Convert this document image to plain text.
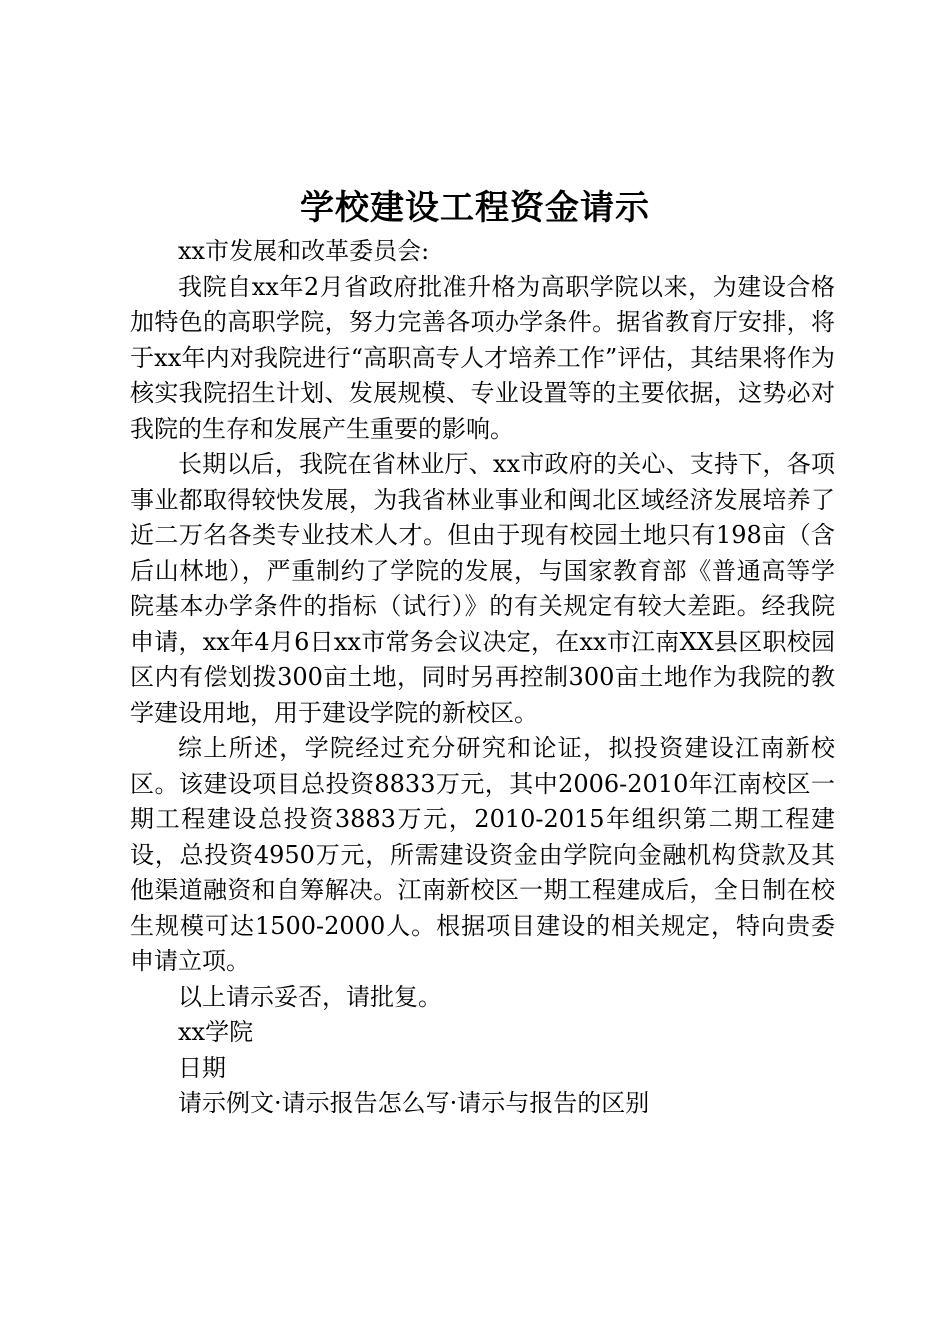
学校建设工程资金请示

xx市发展和改革委员会:

我院自xx年2月省政府批准升格为高职学院以来，为建设合格加特色的高职学院，努力完善各项办学条件。据省教育厅安排，将于xx年内对我院进行“高职高专人才培养工作”评估，其结果将作为核实我院招生计划、发展规模、专业设置等的主要依据，这势必对我院的生存和发展产生重要的影响。

长期以后，我院在省林业厅、xx市政府的关心、支持下，各项事业都取得较快发展，为我省林业事业和闽北区域经济发展培养了近二万名各类专业技术人才。但由于现有校园土地只有198亩（含后山林地），严重制约了学院的发展，与国家教育部《普通高等学院基本办学条件的指标（试行）》的有关规定有较大差距。经我院申请，xx年4月6日xx市常务会议决定，在xx市江南XX县区职校园区内有偿划拨300亩土地，同时另再控制300亩土地作为我院的教学建设用地，用于建设学院的新校区。

综上所述，学院经过充分研究和论证，拟投资建设江南新校区。该建设项目总投资8833万元，其中2006-2010年江南校区一期工程建设总投资3883万元，2010-2015年组织第二期工程建设，总投资4950万元，所需建设资金由学院向金融机构贷款及其他渠道融资和自筹解决。江南新校区一期工程建成后，全日制在校生规模可达1500-2000人。根据项目建设的相关规定，特向贵委申请立项。

以上请示妥否，请批复。

xx学院

日期

请示例文·请示报告怎么写·请示与报告的区别
